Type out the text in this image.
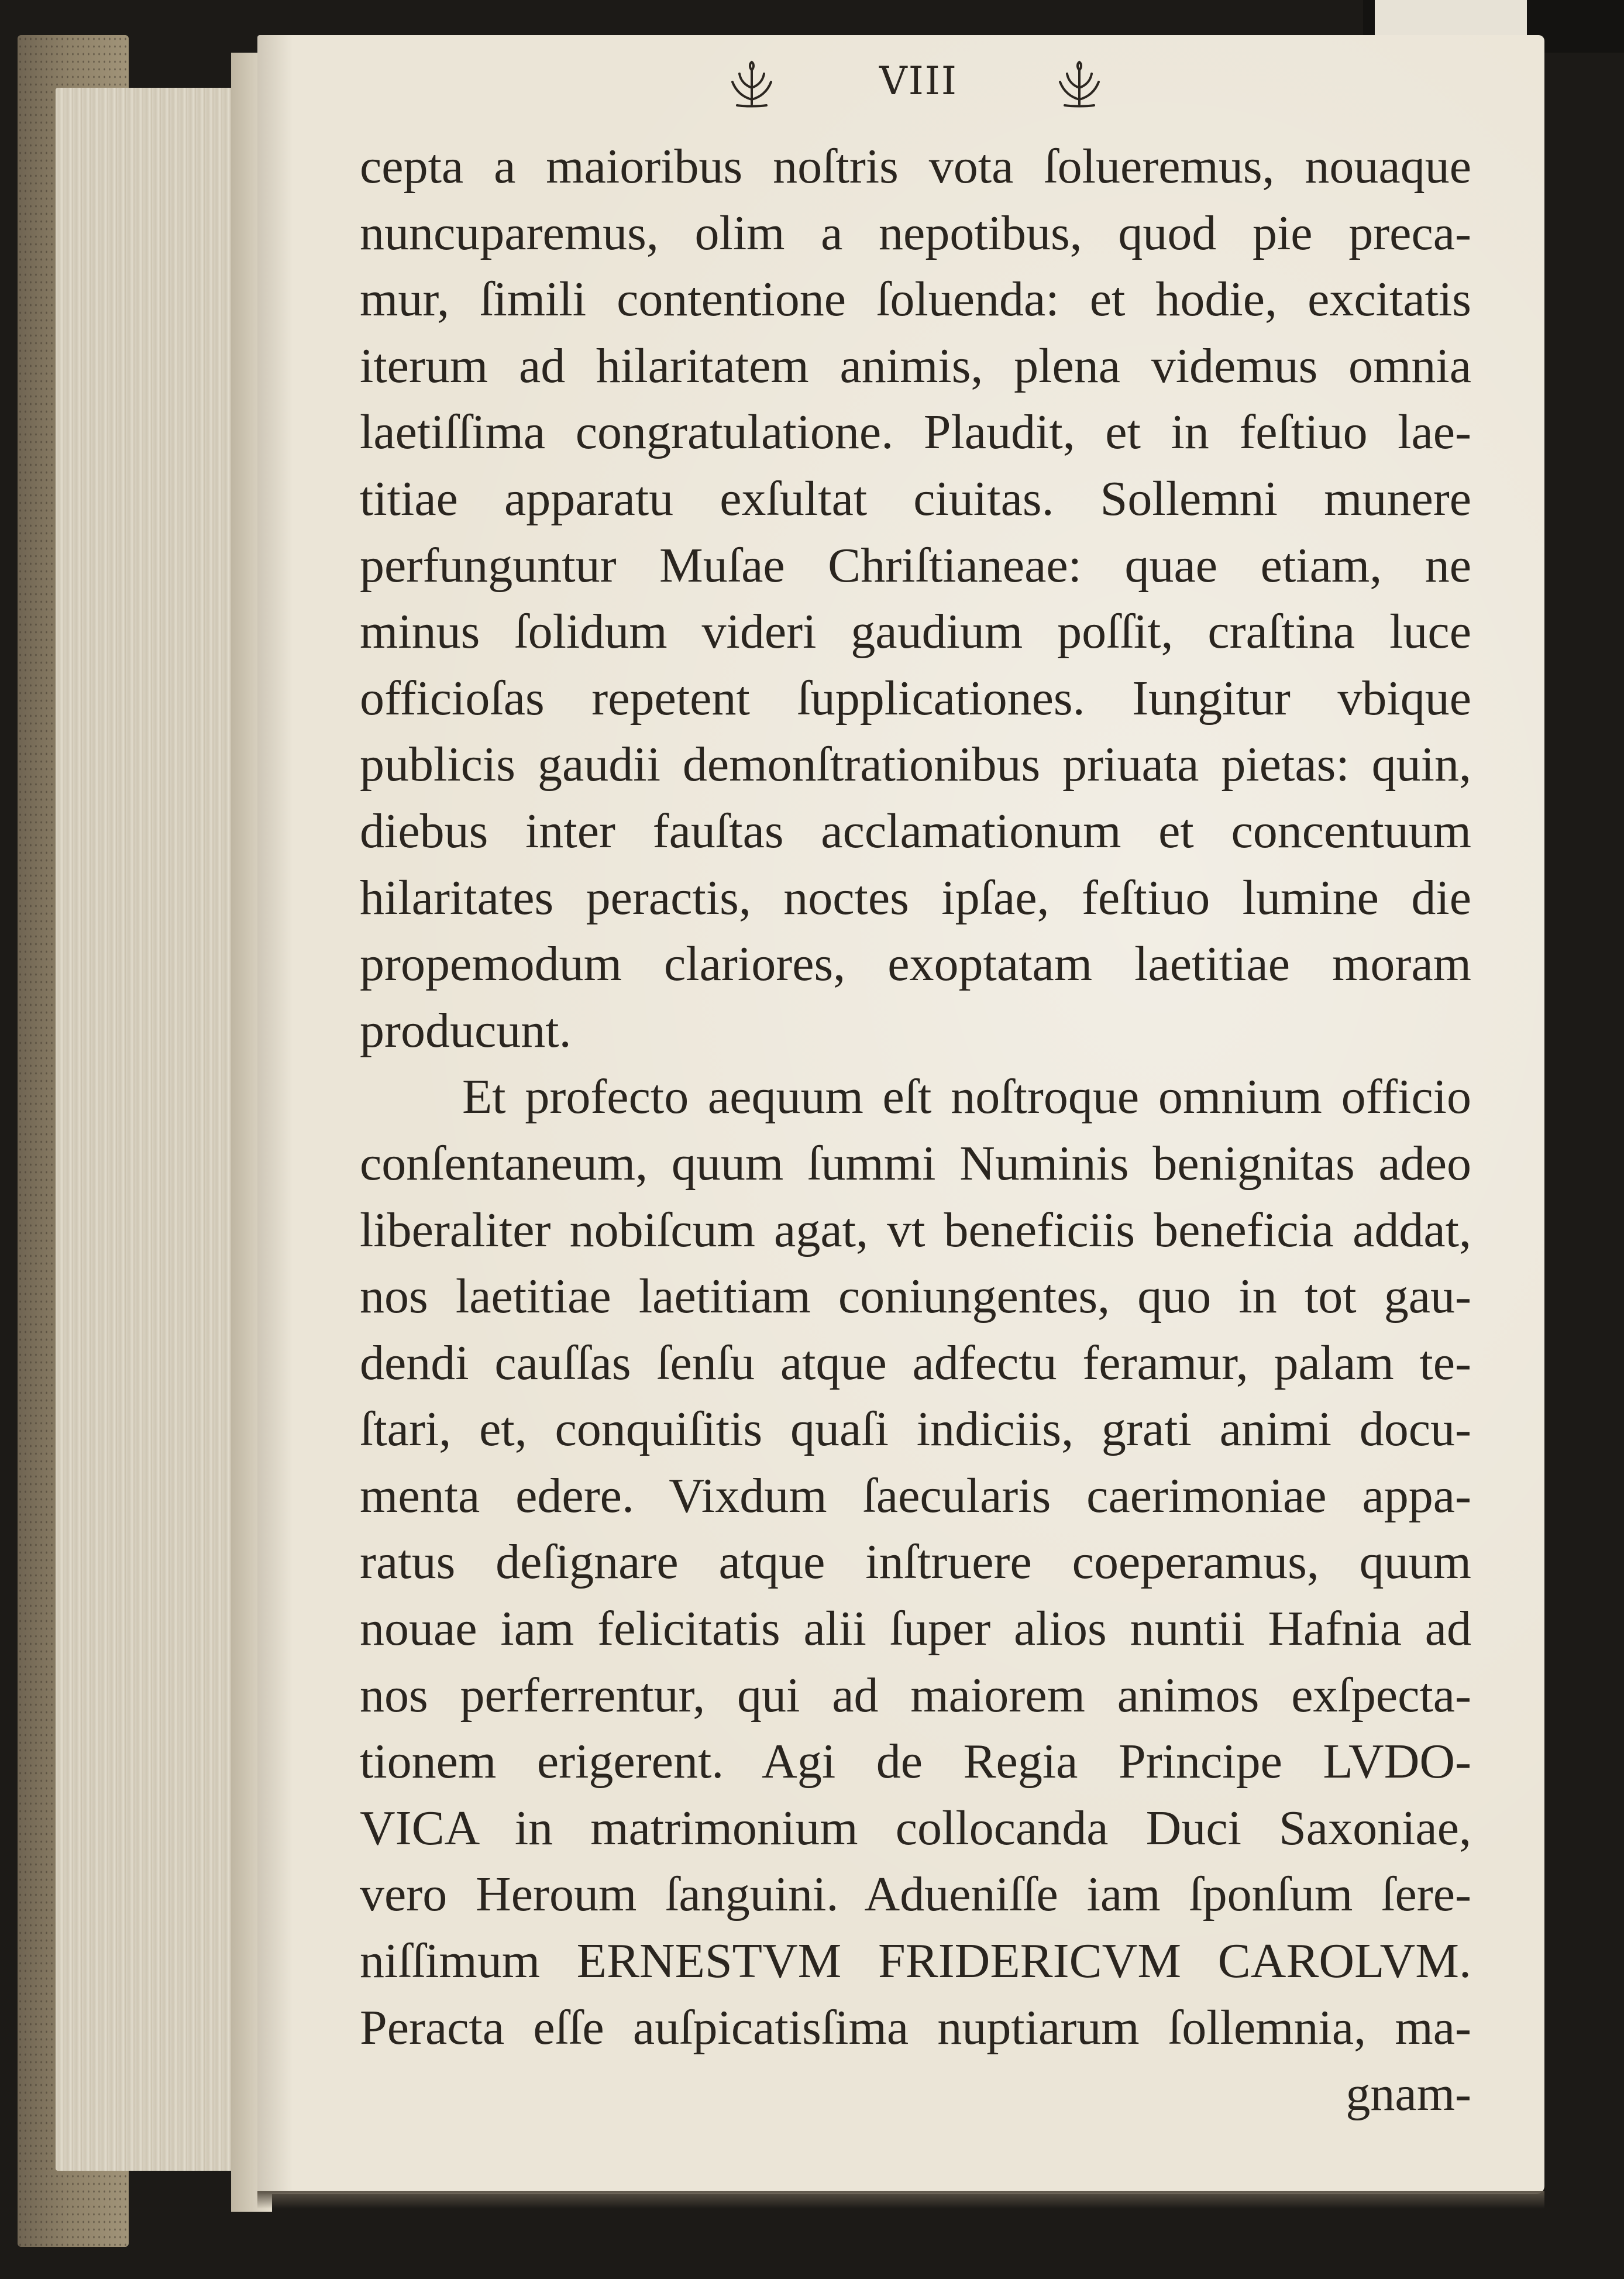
VIII
cepta a maioribus noſtris vota ſolueremus, nouaque
nuncuparemus, olim a nepotibus, quod pie preca-
mur, ſimili contentione ſoluenda: et hodie, excitatis
iterum ad hilaritatem animis, plena videmus omnia
laetiſſima congratulatione. Plaudit, et in feſtiuo lae-
titiae apparatu exſultat ciuitas. Sollemni munere
perfunguntur Muſae Chriſtianeae: quae etiam, ne
minus ſolidum videri gaudium poſſit, craſtina luce
officioſas repetent ſupplicationes. Iungitur vbique
publicis gaudii demonſtrationibus priuata pietas: quin,
diebus inter fauſtas acclamationum et concentuum
hilaritates peractis, noctes ipſae, feſtiuo lumine die
propemodum clariores, exoptatam laetitiae moram
producunt.
Et profecto aequum eſt noſtroque omnium officio
conſentaneum, quum ſummi Numinis benignitas adeo
liberaliter nobiſcum agat, vt beneficiis beneficia addat,
nos laetitiae laetitiam coniungentes, quo in tot gau-
dendi cauſſas ſenſu atque adfectu feramur, palam te-
ſtari, et, conquiſitis quaſi indiciis, grati animi docu-
menta edere. Vixdum ſaecularis caerimoniae appa-
ratus deſignare atque inſtruere coeperamus, quum
nouae iam felicitatis alii ſuper alios nuntii Hafnia ad
nos perferrentur, qui ad maiorem animos exſpecta-
tionem erigerent. Agi de Regia Principe LVDO-
VICA in matrimonium collocanda Duci Saxoniae,
vero Heroum ſanguini. Adueniſſe iam ſponſum ſere-
niſſimum ERNESTVM FRIDERICVM CAROLVM.
Peracta eſſe auſpicatisſima nuptiarum ſollemnia, ma-
gnam-
